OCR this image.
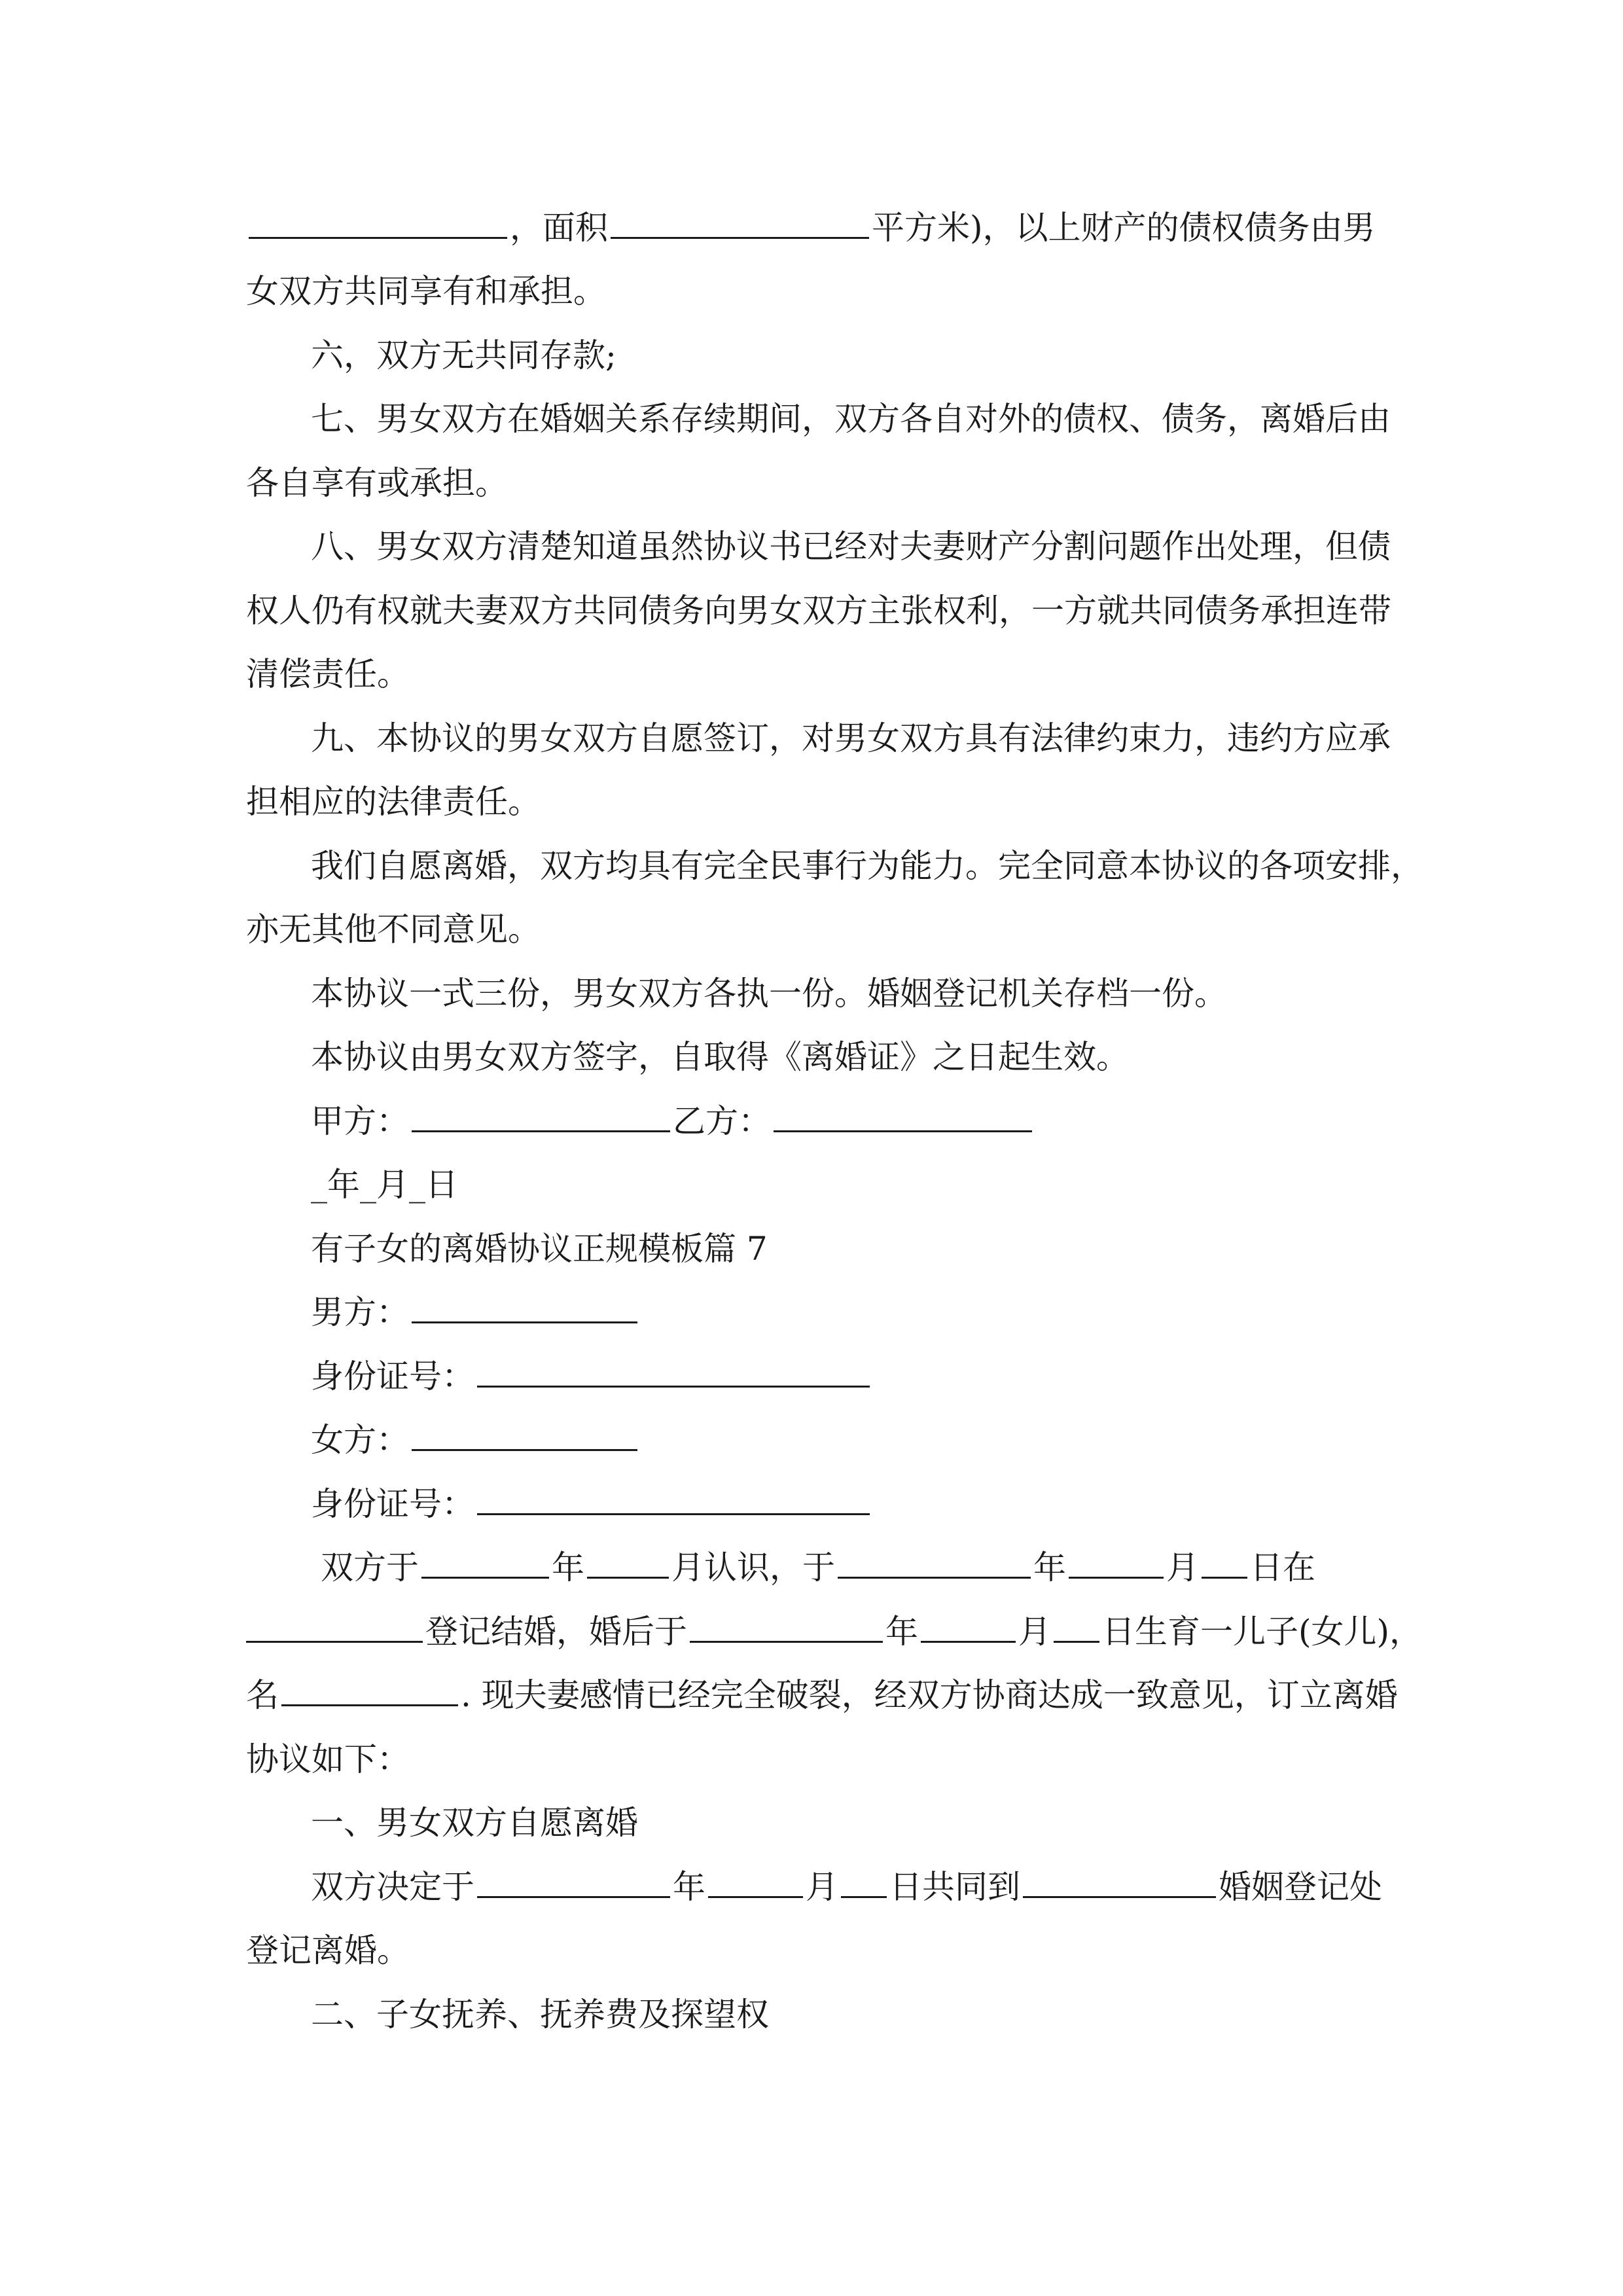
，面积	平方米)，以上财产的债权债务由男
女双方共同享有和承担。
六，双方无共同存款;
七、男女双方在婚姻关系存续期间，双方各自对外的债权、债务，离婚后由
各自享有或承担。
八、男女双方清楚知道虽然协议书已经对夫妻财产分割问题作出处理，但债
权人仍有权就夫妻双方共同债务向男女双方主张权利，一方就共同债务承担连带
清偿责任。
九、本协议的男女双方自愿签订，对男女双方具有法律约束力，违约方应承
担相应的法律责任。
我们自愿离婚，双方均具有完全民事行为能力。完全同意本协议的各项安排，
亦无其他不同意见。
本协议一式三份，男女双方各执一份。婚姻登记机关存档一份。
本协议由男女双方签字，自取得《离婚证》之日起生效。
甲方：	乙方：
_年_月_日
有子女的离婚协议正规模板篇 7
男方：
身份证号：
女方：
身份证号：
双方于	年	月认识，于	年	月 日在
登记结婚，婚后于	年	月 日生育一儿子(女儿)，
名	. 现夫妻感情已经完全破裂，经双方协商达成一致意见，订立离婚
协议如下：
一、男女双方自愿离婚
双方决定于	年	月 日共同到	婚姻登记处
登记离婚。
二、子女抚养、抚养费及探望权
